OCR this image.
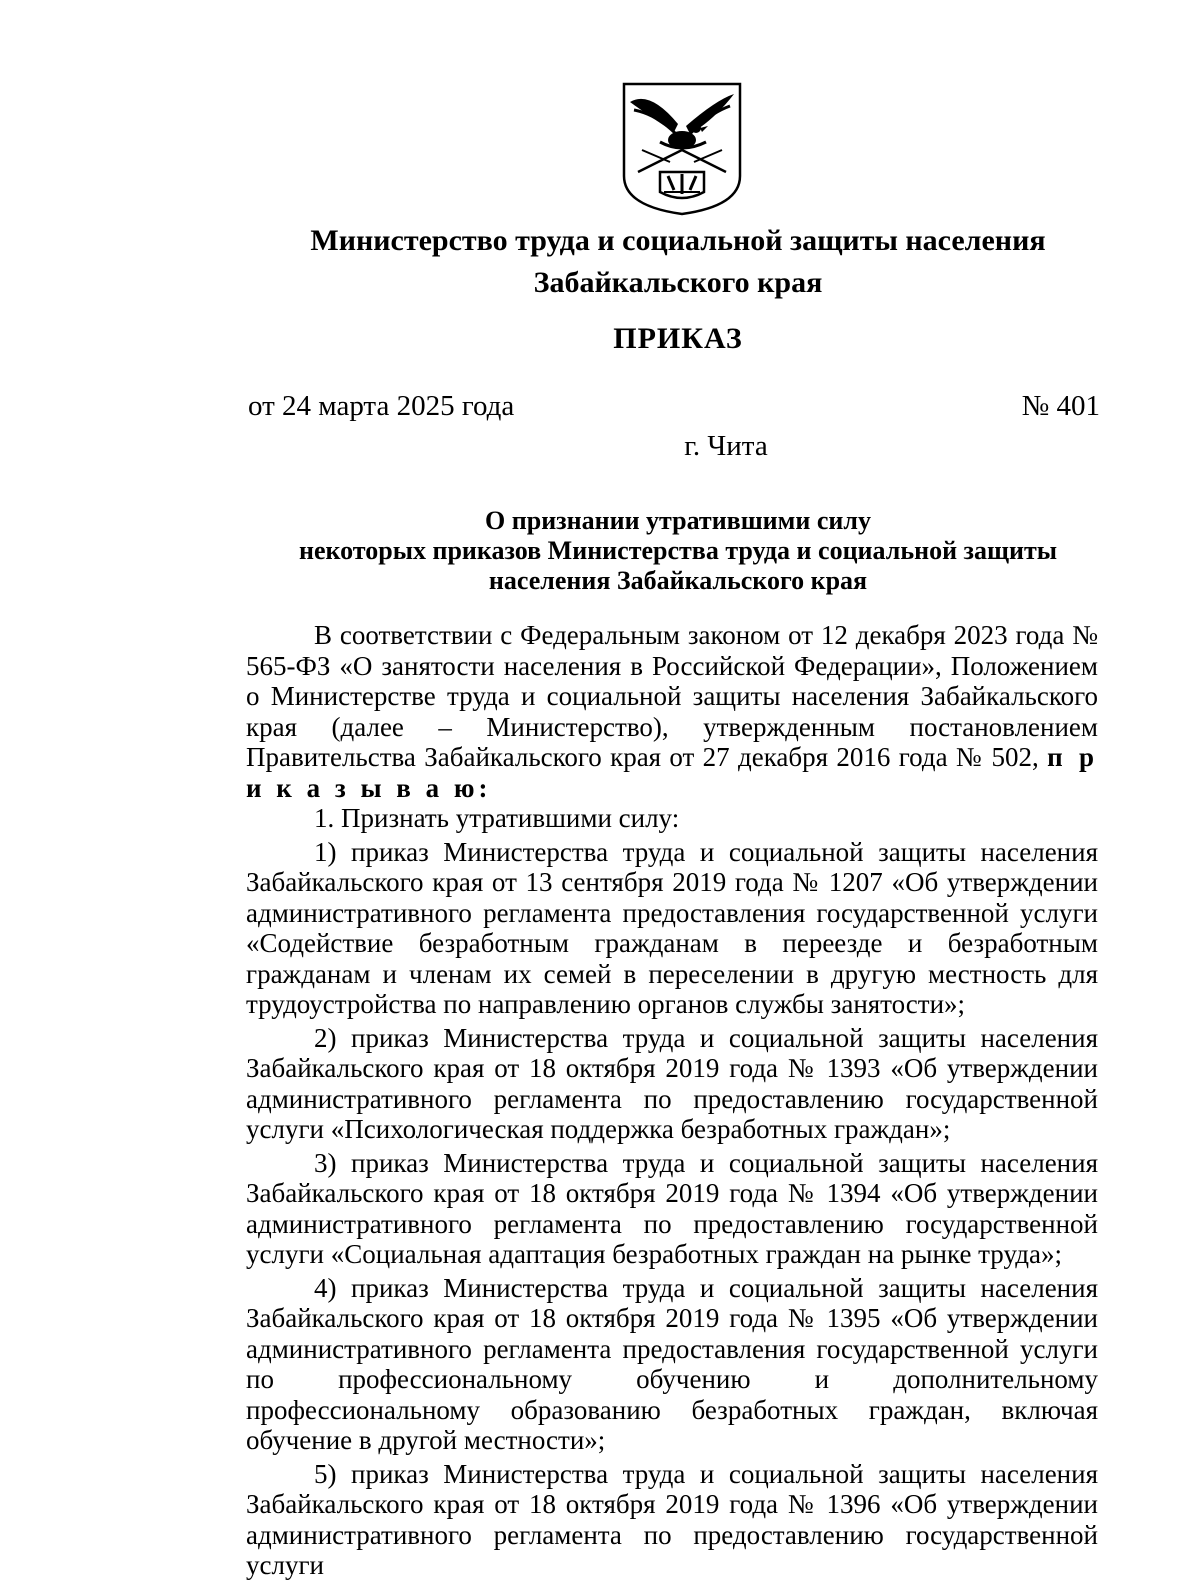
Министерство труда и социальной защиты населения
Забайкальского края
ПРИКАЗ
от 24 марта 2025 года	№ 401
г. Чита
О признании утратившими силу
некоторых приказов Министерства труда и социальной защиты
населения Забайкальского края

В соответствии с Федеральным законом от 12 декабря 2023 года № 565-ФЗ «О занятости населения в Российской Федерации», Положением о Министерстве труда и социальной защиты населения Забайкальского края (далее – Министерство), утвержденным постановлением Правительства Забайкальского края от 27 декабря 2016 года № 502, п р и к а з ы в а ю:

1. Признать утратившими силу:

1) приказ Министерства труда и социальной защиты населения Забайкальского края от 13 сентября 2019 года № 1207 «Об утверждении административного регламента предоставления государственной услуги «Содействие безработным гражданам в переезде и безработным гражданам и членам их семей в переселении в другую местность для трудоустройства по направлению органов службы занятости»;

2) приказ Министерства труда и социальной защиты населения Забайкальского края от 18 октября 2019 года № 1393 «Об утверждении административного регламента по предоставлению государственной услуги «Психологическая поддержка безработных граждан»;

3) приказ Министерства труда и социальной защиты населения Забайкальского края от 18 октября 2019 года № 1394 «Об утверждении административного регламента по предоставлению государственной услуги «Социальная адаптация безработных граждан на рынке труда»;

4) приказ Министерства труда и социальной защиты населения Забайкальского края от 18 октября 2019 года № 1395 «Об утверждении административного регламента предоставления государственной услуги по профессиональному обучению и дополнительному профессиональному образованию безработных граждан, включая обучение в другой местности»;

5) приказ Министерства труда и социальной защиты населения Забайкальского края от 18 октября 2019 года № 1396 «Об утверждении административного регламента по предоставлению государственной услуги
